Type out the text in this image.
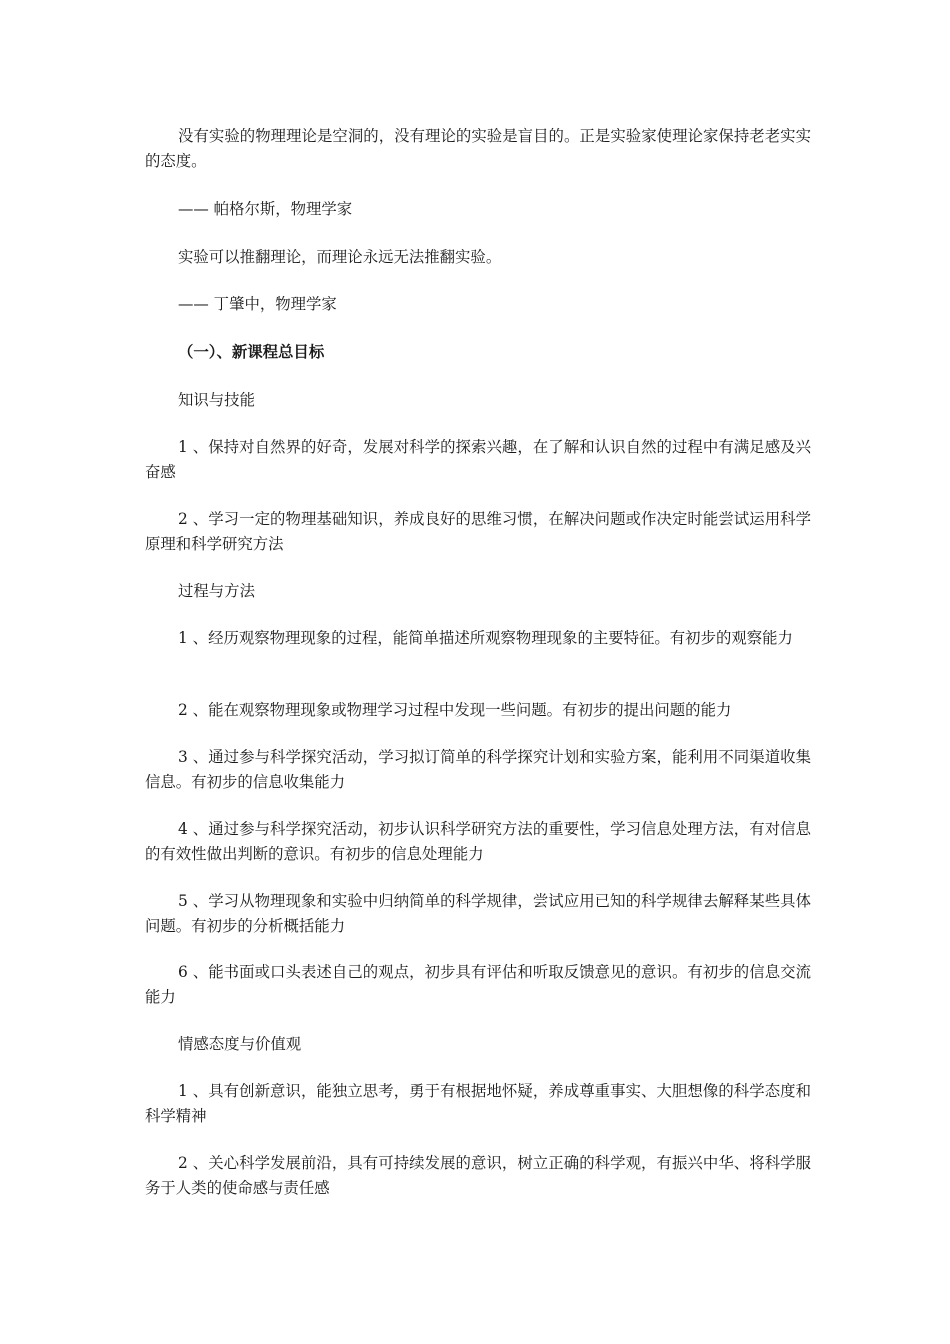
没有实验的物理理论是空洞的，没有理论的实验是盲目的。正是实验家使理论家保持老老实实的态度。

—— 帕格尔斯，物理学家

实验可以推翻理论，而理论永远无法推翻实验。

—— 丁肇中，物理学家

（一）、新课程总目标

知识与技能

1 、保持对自然界的好奇，发展对科学的探索兴趣，在了解和认识自然的过程中有满足感及兴奋感

2 、学习一定的物理基础知识，养成良好的思维习惯，在解决问题或作决定时能尝试运用科学原理和科学研究方法

过程与方法

1 、经历观察物理现象的过程，能简单描述所观察物理现象的主要特征。有初步的观察能力

2 、能在观察物理现象或物理学习过程中发现一些问题。有初步的提出问题的能力

3 、通过参与科学探究活动，学习拟订简单的科学探究计划和实验方案，能利用不同渠道收集信息。有初步的信息收集能力

4 、通过参与科学探究活动，初步认识科学研究方法的重要性，学习信息处理方法，有对信息的有效性做出判断的意识。有初步的信息处理能力

5 、学习从物理现象和实验中归纳简单的科学规律，尝试应用已知的科学规律去解释某些具体问题。有初步的分析概括能力

6 、能书面或口头表述自己的观点，初步具有评估和听取反馈意见的意识。有初步的信息交流能力

情感态度与价值观

1 、具有创新意识，能独立思考，勇于有根据地怀疑，养成尊重事实、大胆想像的科学态度和科学精神

2 、关心科学发展前沿，具有可持续发展的意识，树立正确的科学观，有振兴中华、将科学服务于人类的使命感与责任感
